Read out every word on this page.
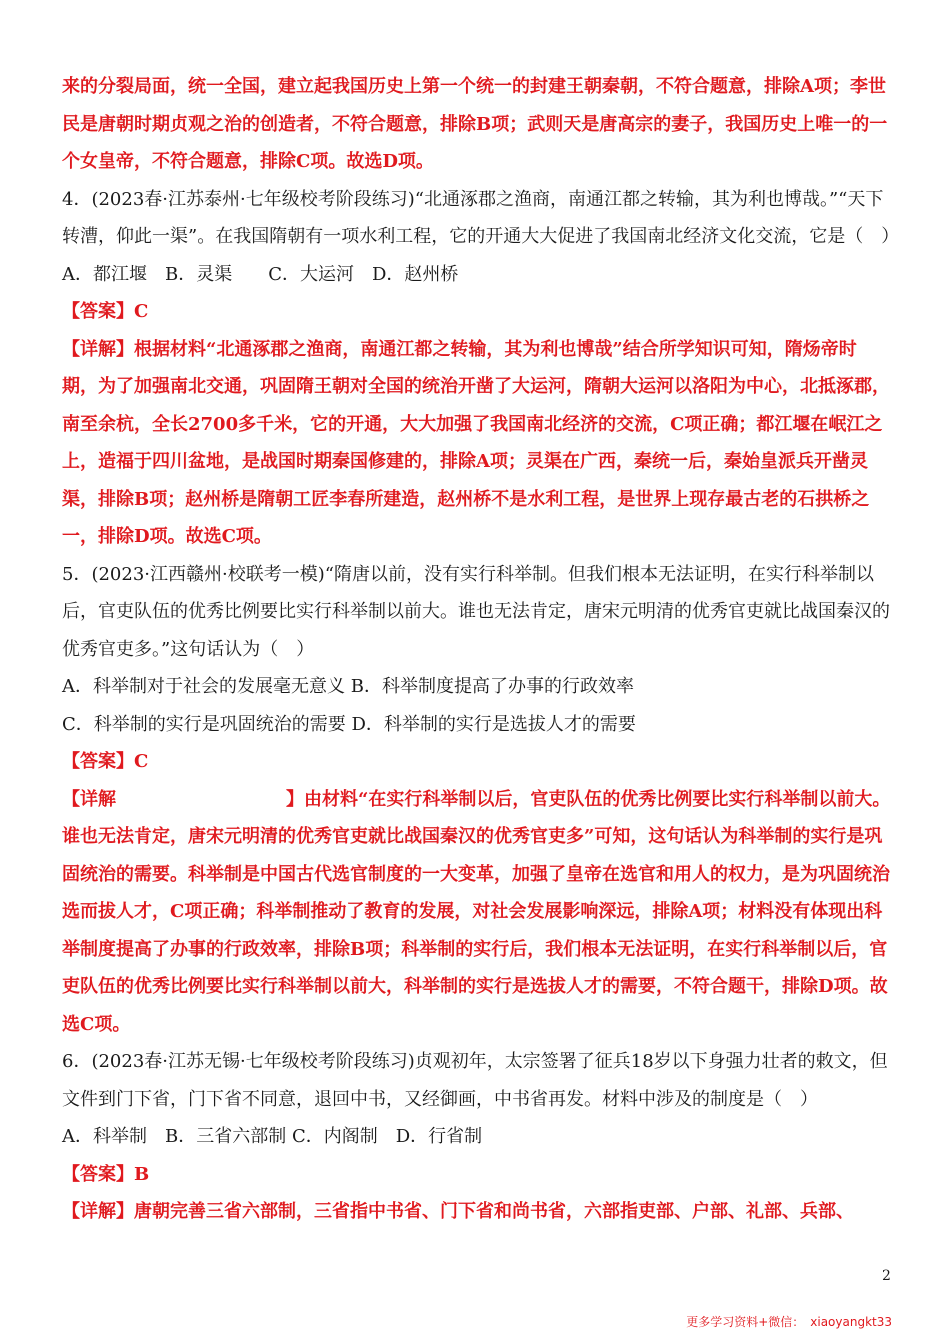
来的分裂局面，统一全国，建立起我国历史上第一个统一的封建王朝秦朝，不符合题意，排除A项；李世民是唐朝时期贞观之治的创造者，不符合题意，排除B项；武则天是唐高宗的妻子，我国历史上唯一的一个女皇帝，不符合题意，排除C项。故选D项。

4．(2023春·江苏泰州·七年级校考阶段练习)“北通涿郡之渔商，南通江都之转输，其为利也博哉。”“天下转漕，仰此一渠”。在我国隋朝有一项水利工程，它的开通大大促进了我国南北经济文化交流，它是（　）

A．都江堰　B．灵渠　　C．大运河　D．赵州桥

【答案】C

【详解】根据材料“北通涿郡之渔商，南通江都之转输，其为利也博哉”结合所学知识可知，隋炀帝时期，为了加强南北交通，巩固隋王朝对全国的统治开凿了大运河，隋朝大运河以洛阳为中心，北抵涿郡，南至余杭，全长2700多千米，它的开通，大大加强了我国南北经济的交流，C项正确；都江堰在岷江之上，造福于四川盆地，是战国时期秦国修建的，排除A项；灵渠在广西，秦统一后，秦始皇派兵开凿灵渠，排除B项；赵州桥是隋朝工匠李春所建造，赵州桥不是水利工程，是世界上现存最古老的石拱桥之一，排除D项。故选C项。

5．(2023·江西赣州·校联考一模)“隋唐以前，没有实行科举制。但我们根本无法证明，在实行科举制以后，官吏队伍的优秀比例要比实行科举制以前大。谁也无法肯定，唐宋元明清的优秀官吏就比战国秦汉的优秀官吏多。”这句话认为（　）

A．科举制对于社会的发展毫无意义 B．科举制度提高了办事的行政效率

C．科举制的实行是巩固统治的需要 D．科举制的实行是选拔人才的需要

【答案】C

【详解	】由材料“在实行科举制以后，官吏队伍的优秀比例要比实行科举制以前大。谁也无法肯定，唐宋元明清的优秀官吏就比战国秦汉的优秀官吏多”可知，这句话认为科举制的实行是巩固统治的需要。科举制是中国古代选官制度的一大变革，加强了皇帝在选官和用人的权力，是为巩固统治选而拔人才，C项正确；科举制推动了教育的发展，对社会发展影响深远，排除A项；材料没有体现出科举制度提高了办事的行政效率，排除B项；科举制的实行后，我们根本无法证明，在实行科举制以后，官吏队伍的优秀比例要比实行科举制以前大，科举制的实行是选拔人才的需要，不符合题干，排除D项。故选C项。

6．(2023春·江苏无锡·七年级校考阶段练习)贞观初年，太宗签署了征兵18岁以下身强力壮者的敕文，但文件到门下省，门下省不同意，退回中书，又经御画，中书省再发。材料中涉及的制度是（　）

A．科举制　B．三省六部制 C．内阁制　D．行省制

【答案】B

【详解】唐朝完善三省六部制，三省指中书省、门下省和尚书省，六部指吏部、户部、礼部、兵部、

2
更多学习资料+微信：　xiaoyangkt33
